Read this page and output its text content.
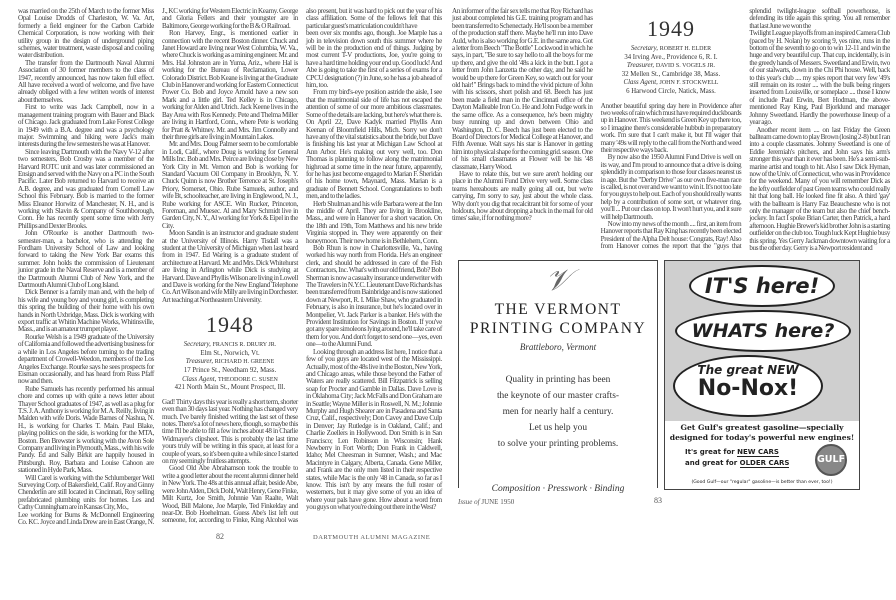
was married on the 25th of March to the former Miss Opal Louise Drodds of Charleston, W. Va. Art, formerly a field engineer for the Carbon Carbide Chemical Corporation, is now working with their utility group in the design of underground piping schemes, water treatment, waste disposal and cooling water distribution.

The transfer from the Dartmouth Naval Alumni Association of 30 former members to the class of 1947, recently announced, has now taken full effect. All have received a word of welcome, and five have already obliged with a few written words of interest about themselves.

First to write was Jack Campbell, now in a management training program with Bauer and Black of Chicago. Jack graduated from Lake Forest College in 1949 with a B.A. degree and was a psychology major. Swimming and hiking were Jack's main interests during the few semesters he was at Hanover.

Since leaving Dartmouth with the Navy V-12 after two semesters, Bob Crosby was a member of the Harvard ROTC unit and was later commissioned an Ensign and served with the Navy on a PC in the South Pacific. Later Bob returned to Harvard to receive an A.B. degree, and was graduated from Cornell Law School this February. Bob is married to the former Miss Eleanor Horwitz of Manchester, N. H., and is working with Slavin & Company of Southborough, Conn. He has recently spent some time with Jerry Phillips and Dexter Brooks.

John O'Rourke is another Dartmouth two-semester-man, a bachelor, who is attending the Fordham University School of Law and looking forward to taking the New York Bar exams this summer. John holds the commission of Lieutenant junior grade in the Naval Reserve and is a member of the Dartmouth Alumni Club of New York, and the Dartmouth Alumni Club of Long Island.

Dick Benner is a family man and, with the help of his wife and young boy and young girl, is completing this spring the building of their home with his own hands in North Uxbridge, Mass. Dick is working with export traffic at Whitin Machine Works, Whitinsville, Mass., and is an amateur trumpet player.

Rourke Welsh is a 1949 graduate of the University of California and followed the advertising business for a while in Los Angeles before turning to the trading department of Crowell-Weedon, members of the Los Angeles Exchange. Rourke says he sees prospects for Eisman occasionally, and has heard from Russ Pfaff now and then.

Rube Samuels has recently performed his annual chore and comes up with quite a news letter about Thayer School graduates of 1947, as well as a plug for T.S. J. A. Anthony is working for M. A. Reilly, living in Malden with wife Doris. Wade Barnes of Nashua, N. H., is working for Charles T. Main. Paul Blake, playing politics on the side, is working for the MTA, Boston. Ben Brewster is working with the Avon Sole Company and living in Plymouth, Mass., with his wife Pandy. Ed and Sally Birkit are happily housed in Pittsburgh. Roy, Barbara and Louise Cahoon are stationed in Hyde Park, Mass.

Will Carel is working with the Schlumberger Well Surveying Corp. of Bakersfield, Calif. Roy and Ginny Chenderlin are still located in Cincinnati, Roy selling prefabricated plumbing units for homes. Les and Cathy Cunningham are in Kansas City, Mo.,

Lee working for Burns & McDonnell Engineering Co. KC. Joyce and Linda Drew are in East Orange, N. J., KC working for Western Electric in Kearny. George and Gloria Fellers and their youngster are in Baltimore, George working for the B & O Railroad.

Ron Harvey, Engr., is mentioned earlier in connection with the recent Boston dinner. Chuck and Janet Howard are living near West Columbia, W. Va., where Chuck is working as a mining engineer. Mr. and Mrs. Hal Johnston are in Yuma, Ariz., where Hal is working for the Bureau of Reclamation, Lower Colorado District. Bob Keane is living at the Graduate Club in Hanover and working for Eastern Connecticut Power Co. Bob and Joyce Arnold have a new son Mark and a little girl. Ted Kelley is in Chicago, working for Alden and Ulrich. Jack Keene lives in the Bay Area with Ros Kennedy. Pete and Thelma Miller are living in Hartford, Conn., where Pete is working for Pratt & Whitney. Mr. and Mrs. Jim Connolly and their three girls are living in Mountain Lakes.

Mr. and Mrs. Doug Palmer seem to be comfortable in Lodi, Calif., where Doug is working for General Mills Inc. Bob and Mrs. Peirce are living close by New York City in Mt. Vernon and Bob is working for Standard Vacuum Oil Company in Brooklyn, N. Y. Chuck Quinn is now Brother Terrence at St. Joseph's Priory, Somerset, Ohio. Rube Samuels, author, and wife Bt, schoolteacher, are living in Englewood, N. J., Rube working for ASCE. Win Rucker, Princeton, Foreman, and Muesec. Al and Mary Schmidt live in Garden City, N. Y., Al working for York & Eipel in the City.

Moon Sandin is an instructor and graduate student at the University of Illinois. Harry Tisdall was a student at the University of Michigan when last heard from in 1947. Ed Waring is a graduate student of architecture at Harvard. Mr. and Mrs. Dick Whitehurst are living in Arlington while Dick is studying at Harvard. Dave and Phyllis Wilson are living in Lowell and Dave is working for the New England Telephone Co. Art Wilson and wife Milly are living in Dorchester. Art teaching at Northeastern University.

1948
Secretary, FRANCIS R. DRURY JR.
Elm St., Norwich, Vt.
Treasurer, RICHARD H. GREENE
17 Prince St., Needham 92, Mass.
Class Agent, THEODORE C. SUSEN
421 North Main St., Mount Prospect, Ill.

Gad! Thirty days this year is really a short term, shorter even than 30 days last year. Nothing has changed very much. I've barely finished writing the last set of these notes. There's a lot of news here, though, so maybe this time I'll be able to fill a few inches about 48 in Charlie Widmayer's clipsheet. This is probably the last time yours truly will be writing in this space, at least for a couple of years, so it's been quite a while since I started on my seemingly fruitless attempts.

Good Old Abe Abrahamson took the trouble to write a good letter about the recent alumni dinner held in New York. The 48s at this annual affair, beside Abe, were John Alden, Dick Dohl, Walt Henry, Gene Finke, Milt Kurtz, Joe Smith, Johnnie Van Raalte, Walt Wood, Bill Malone, Joe Marple, Ted Finkelday and near-Dr. Bob Hoehelman. Guess Abe's list left out someone, for, according to Finke, King Alcohol was also present, but it was hard to pick out the year of his class affiliation. Some of the fellows felt that this particular guest's matriculation couldn't have

been over six months ago, though. Joe Marple has a job in television down south this summer where he will be in the production end of things. Judging by most current T-V productions, Joe, you're going to have a hard time holding your end up. Good luck! And Abe is going to take the first of a series of exams for a CPCU designation (?) in June, so he has a job ahead of him, too.

From my bird's-eye position astride the aisle, I see that the matrimonial side of life has not escaped the attention of some of our more ambitious classmates. Some of the details are lacking, but here's what there is. On April 22, Dave Kadyk married Phyllis Ann Keenan of Bloomfield Hills, Mich. Sorry we don't have any of the vital statistics about the bride, but Dave is finishing his last year at Michigan Law School at Ann Arbor. He's making out very well, too. Don Thomas is planning to follow along the matrimonial highroad at some time in the near future, apparently, for he has just become engaged to Marian F. Sheridan of his home town, Maynard, Mass. Marian is a graduate of Bennett School. Congratulations to both men, and to the ladies.

Herb Shulman and his wife Barbara were at the Inn the middle of April. They are living in Brookline, Mass., and were in Hanover for a short vacation. On the 18th and 19th, Tom Matthews and his new bride Virginia stopped in. They were apparently on their honeymoon. Their new home is in Bethlehem, Conn.

Bob Rhun is now in Charlottesville, Va., having worked his way north from Florida. He's an engineer clerk, and should be addressed in care of the Fish Contractors, Inc. What's with our old friend, Bob? Bob Sherman is now a casualty insurance underwriter with The Travelers in N.Y.C. Lieutenant Dave Richards has been transferred from Bainbridge and is now stationed down at Newport, R. I. Mike Shaw, who graduated in February, is also in insurance, but he's located over in Montpelier, Vt. Jack Parker is a banker. He's with the Provident Institution for Savings in Boston. If you've got any spare simoleons lying around, he'll take care of them for you. And don't forget to send one—yes, even one—to the Alumni Fund.

Looking through an address list here, I notice that a few of you guys are located west of the Mississippi. Actually, most of the 48s live in the Boston, New York, and Chicago areas, while those beyond the Father of Waters are really scattered. Bill Fitzpatrick is selling soap for Procter and Gamble in Dallas. Dave Love is in Oklahoma City; Jack McFalls and Don Graham are in Seattle; Wayne Miller is in Roswell, N. M.; Johnnie Murphy and Hugh Shearer are in Pasadena and Santa Cruz, Calif., respectively; Don Cavey and Dave Culp in Denver; Jay Rutledge is in Oakland, Calif.; and Charlie Zoellers in Hollywood. Don Smith is in San Francisco; Len Robinson in Wisconsin; Hank Newberry in Fort Worth; Don Frank in Caldwell, Idaho; Mel Cheesman in Sumner, Wash.; and Mac Macintyre in Calgary, Alberta, Canada. Gene Miller, and Frank are the only men listed in their respective states, while Mac is the only '48 in Canada, so far as I know. This isn't by any means the full roster of westerners, but it may give some of you an idea of where your pals have gone. How about a word from you guys on what you're doing out there in the West?

82	DARTMOUTH ALUMNI MAGAZINE

An informer of the fair sex tells me that Roy Richard has just about completed his G.E. training program and has been transferred to Schenectady. He'll soon be a member of the production staff there. Maybe he'll run into Dave Auld, who is also working for G.E. in the same area. Got a letter from Beech "The Bottle" Lockwood in which he says, in part, "Be sure to say hello to all the boys for me up there, and give the old '48s a kick in the butt. I got a letter from John Lanzetta the other day, and he said he would be up there for Green Key, so watch out for your old hair!" Brings back to mind the vivid picture of John with his scissors, short polish and 68. Beech has just been made a field man in the Cincinnati office of the Dayton Malleable Iron Co. He and John Fudge work in the same office. As a consequence, he's been mighty busy running up and down between Ohio and Washington, D. C. Beech has just been elected to the Board of Directors for Medical College at Hanover, and Fifth Avenue. Walt says his star is Hanover in getting him into physical shape for the coming grid. season. One of his small classmates at Flower will be his '48 classmate, Harry Wood.

Have to relate this, but we sure aren't holding our place in the Alumni Fund Drive very well. Some class teams hereabouts are really going all out, but we're carrying, I'm sorry to say, just about the whole class. Why don't you dig that recalcitrant bit for some of your holdouts, how about dropping a buck in the mail for old times' sake, if for nothing more?

1949
Secretary, ROBERT H. ELDER
34 Irving Ave., Providence 6, R. I.
Treasurer, DAVID S. VOGELS JR.
32 Mellen St., Cambridge 38, Mass.
Class Agent, JOHN F. STOCKWELL
6 Harwood Circle, Natick, Mass.

Another beautiful spring day here in Providence after two weeks of rain which must have required duckboards up in Hanover. This weekend is Green Key up there too, so I imagine there's considerable hubbub in preparatory work. I'm sure that I can't make it, but I'll wager that many '49s will reply to the call from the North and weed their respective ways back.

By now also the 1950 Alumni Fund Drive is well on its way, and I'm proud to announce that a drive is doing splendidly in comparison to those four classes nearest us in age. But the "Derby Drive" as our own five-man race is called, is not over and we want to win it. It's not too late for you guys to help out. Each of you should really wants help by a contribution of some sort, or whatever ring, you'll ... Put our class on top. It won't hurt you, and it sure will help Dartmouth.

Now into my news of the month .... first, an item from Hanover reports that Ray King has recently been elected President of the Alpha Delt house: Congrats, Ray! Also from Hanover comes the report that the "guys that splendid twilight-league softball powerhouse, is defending its title again this spring. You all remember that last June we won the

Twilight League playoffs from an inspired Camera Club (paced by H. Nolan) by scoring 9, yes nine, runs in the bottom of the seventh to go on to win 12-11 and win the huge and very beautiful cup. That cup, incidentally, is in the greedy hands of Messers. Sweetland and Erwin, two of our stalwarts, down in the Chi Phi house. Well, back to this year's club .... my spies report that very few '49's still remain on its roster .... with the bulk being ringers inserted from Louisville, or someplace .... those I know of include Paul Erwin, Bert Hodman, the above-mentioned Ray King, Paul Bjorklund and manager Johnny Sweetland. Hardly the powerhouse lineup of a year ago.

Another recent item .... on last Friday the Green ballteam came down to play Brown (losing 2-8) but I ran into a couple classmates. Johnny Sweetland is one of Eddie Jeremiah's pitchers, and John says his arm's stronger this year than it ever has been. He's a semi-sub-marine artist and tough to hit. Also I saw Dick Hyman, now of the Univ. of Connecticut, who was in Providence for the weekend. Many of you will remember Dick as the lefty outfielder of past Green teams who could really hit that long ball. He looked fine fit also. A third 'gay' with the ballteam is Harry Faz Beauchesne who is not only the manager of the team but also the chief bench-jockey. In fact I spoke Brian Carter, then Patrick, a hard afternoon. Hughie Brewer's kid brother John is a starting outfielder on the club too. Tough luck Kept Hughie busy this spring. Yes Gerry Jackman downtown waiting for a bus the other day. Gerry is a Newport resident and

𝒱
THE VERMONT PRINTING COMPANY
Brattleboro, Vermont
Quality in printing has been
the keynote of our master crafts-
men for nearly half a century.
Let us help you
to solve your printing problems.
Composition · Presswork · Binding
IT'S here!
WHATS here?
The great NEW
No-Nox!
Get Gulf's greatest gasoline—specially
designed for today's powerful new engines!
It's great for NEW CARS
and great for OLDER CARS
(Good Gulf—our "regular" gasoline—is better than ever, too!)
GULF
Issue of JUNE 1950	83
